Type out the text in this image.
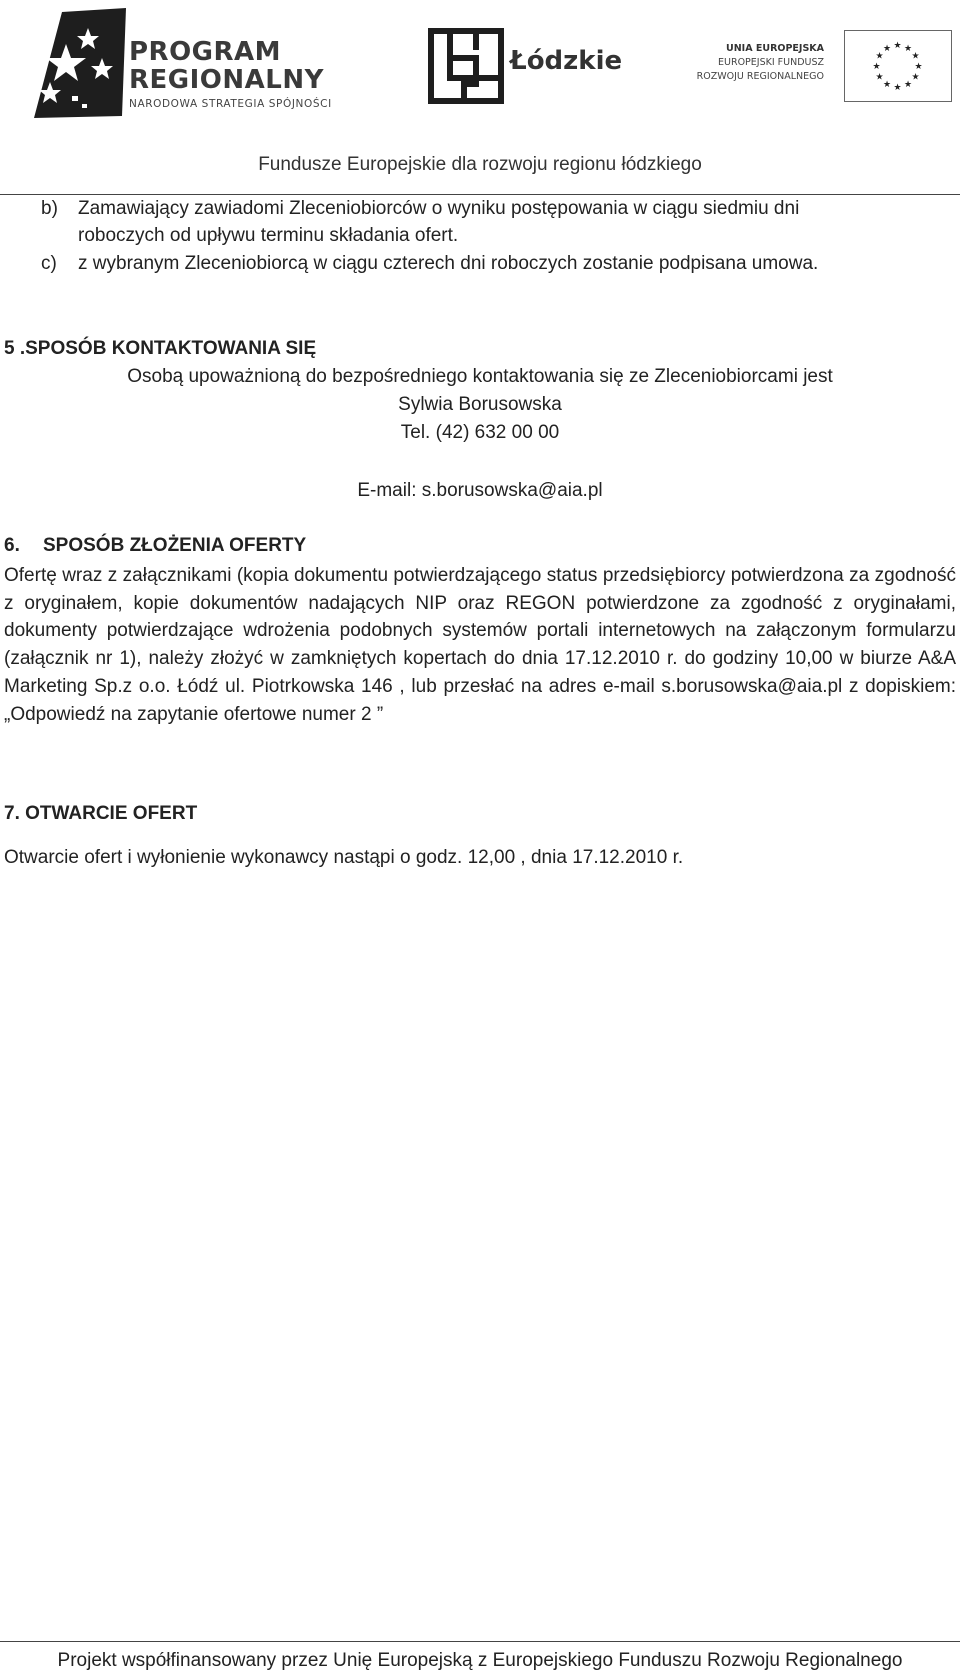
PROGRAM
REGIONALNY
NARODOWA STRATEGIA SPÓJNOŚCI
Łódzkie	UNIA EUROPEJSKA
EUROPEJSKI FUNDUSZ
ROZWOJU REGIONALNEGO
★ ★
★
★
★
★
★
★
★
★
★
★
Fundusze Europejskie dla rozwoju regionu łódzkiego
b) Zamawiający zawiadomi Zleceniobiorców o wyniku postępowania w ciągu siedmiu dni
roboczych od upływu terminu składania ofert.
c) z wybranym Zleceniobiorcą w ciągu czterech dni roboczych zostanie podpisana umowa.
5 .SPOSÓB KONTAKTOWANIA SIĘ
Osobą upoważnioną do bezpośredniego kontaktowania się ze Zleceniobiorcami jest
Sylwia Borusowska
Tel. (42) 632 00 00
E-mail: s.borusowska@aia.pl
6. SPOSÓB ZŁOŻENIA OFERTY
Ofertę wraz z załącznikami (kopia dokumentu potwierdzającego status przedsiębiorcy potwierdzona za zgodność z oryginałem, kopie dokumentów nadających NIP oraz REGON potwierdzone za zgodność z oryginałami, dokumenty potwierdzające wdrożenia podobnych systemów portali internetowych na załączonym formularzu (załącznik nr 1), należy złożyć w zamkniętych kopertach do dnia 17.12.2010 r. do godziny 10,00 w biurze A&A Marketing Sp.z o.o. Łódź ul. Piotrkowska 146 , lub przesłać na adres e-mail s.borusowska@aia.pl z dopiskiem: „Odpowiedź na zapytanie ofertowe numer 2 ”
7. OTWARCIE OFERT
Otwarcie ofert i wyłonienie wykonawcy nastąpi o godz. 12,00 , dnia 17.12.2010 r.
Projekt współfinansowany przez Unię Europejską z Europejskiego Funduszu Rozwoju Regionalnego
